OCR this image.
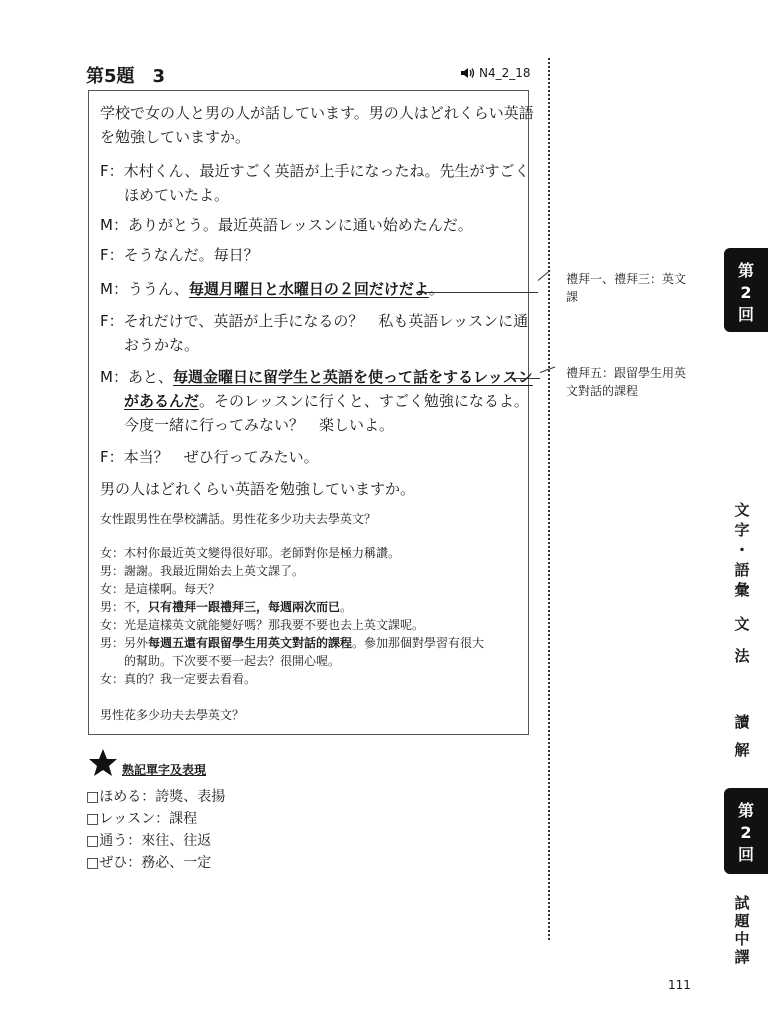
第5題　3	N4_2_18
学校で女の人と男の人が話しています。男の人はどれくらい英語
を勉強していますか。
F：木村くん、最近すごく英語が上手になったね。先生がすごく
ほめていたよ。
M：ありがとう。最近英語レッスンに通い始めたんだ。
F：そうなんだ。毎日？
M：ううん、毎週月曜日と水曜日の２回だけだよ。
F：それだけで、英語が上手になるの？　私も英語レッスンに通
おうかな。
M：あと、毎週金曜日に留学生と英語を使って話をするレッスン
があるんだ。そのレッスンに行くと、すごく勉強になるよ。
今度一緒に行ってみない？　楽しいよ。
F：本当？　ぜひ行ってみたい。
男の人はどれくらい英語を勉強していますか。
女性跟男性在學校講話。男性花多少功夫去學英文？
女：木村你最近英文變得很好耶。老師對你是極力稱讚。
男：謝謝。我最近開始去上英文課了。
女：是這樣啊。每天？
男：不，只有禮拜一跟禮拜三，每週兩次而已。
女：光是這樣英文就能變好嗎？那我要不要也去上英文課呢。
男：另外每週五還有跟留學生用英文對話的課程。參加那個對學習有很大
的幫助。下次要不要一起去？很開心喔。
女：真的？我一定要去看看。
男性花多少功夫去學英文？
禮拜一、禮拜三：英文課
禮拜五：跟留學生用英文對話的課程
熟記單字及表現
□ほめる：誇獎、表揚
□レッスン：課程
□通う：來往、往返
□ぜひ：務必、一定
第
2
回
文
字
・
語
彙
文
法
讀
解
第
2
回
試
題
中
譯
111
